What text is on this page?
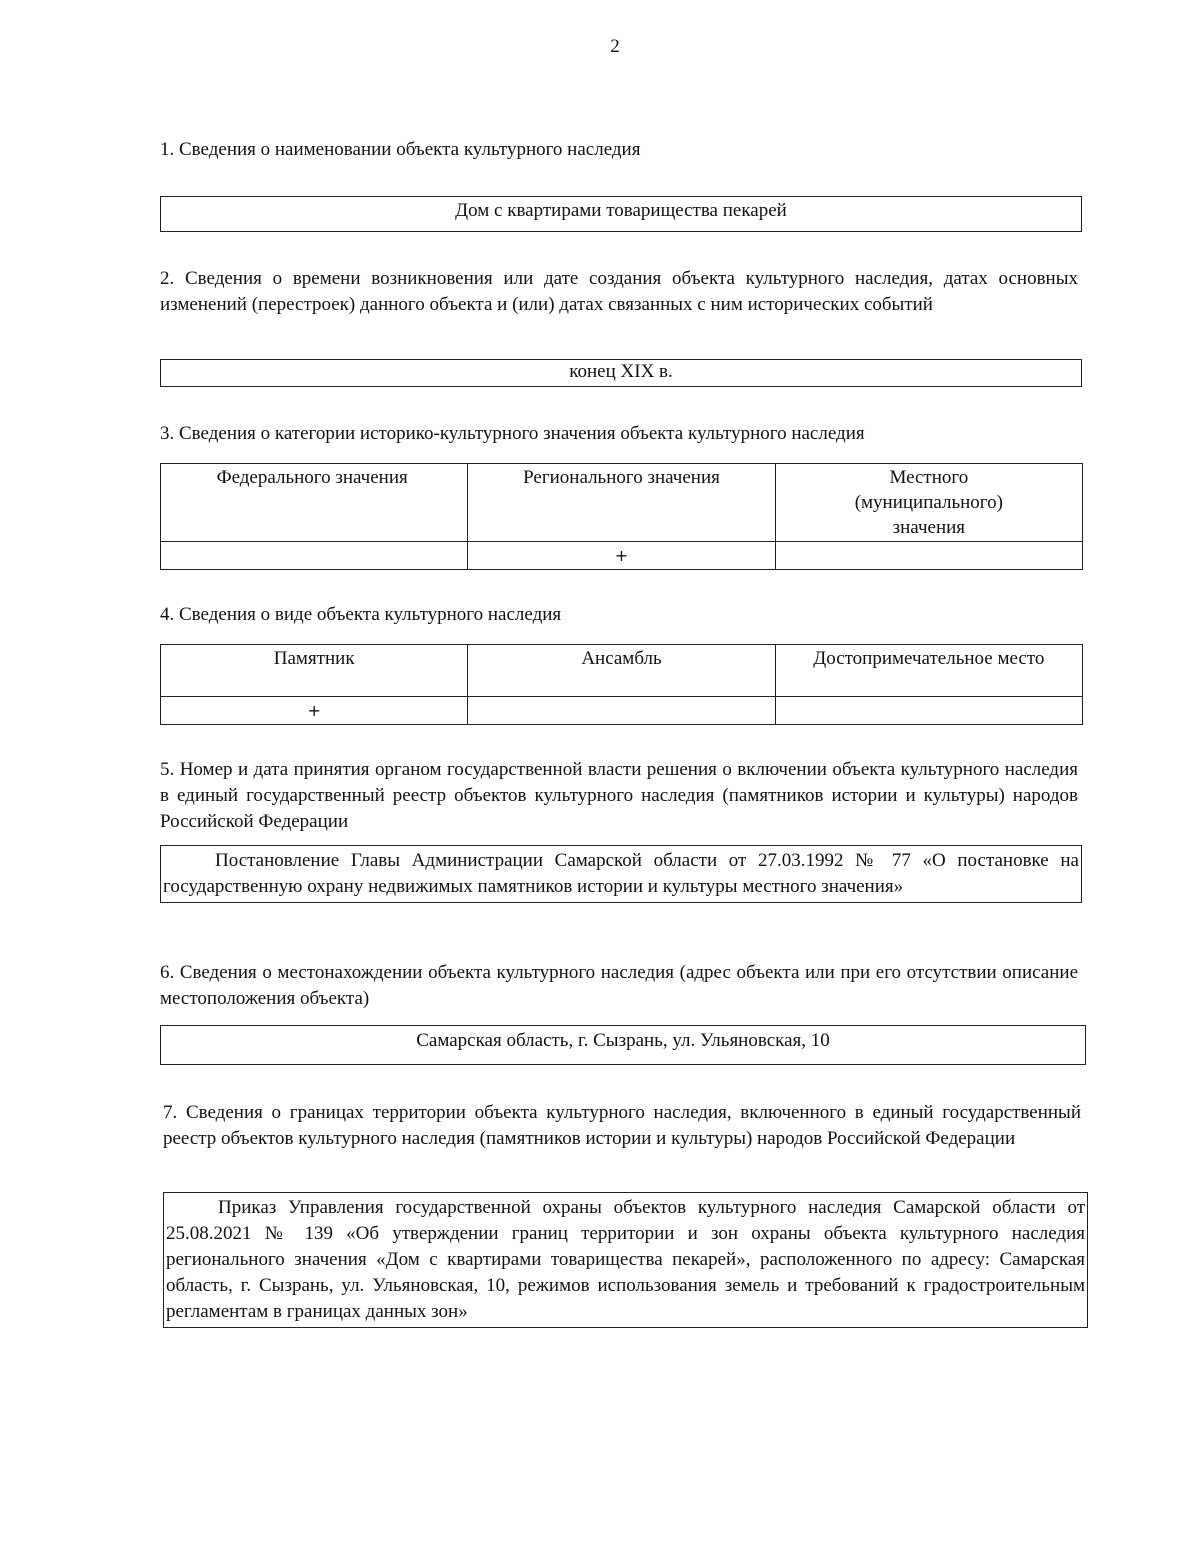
2

1. Сведения о наименовании объекта культурного наследия

Дом с квартирами товарищества пекарей

2. Сведения о времени возникновения или дате создания объекта культурного наследия, датах основных изменений (перестроек) данного объекта и (или) датах связанных с ним исторических событий

конец XIX в.

3. Сведения о категории историко-культурного значения объекта культурного наследия

Федерального значения	Регионального значения	Местного (муниципального) значения

	+	

4. Сведения о виде объекта культурного наследия

Памятник	Ансамбль	Достопримечательное место

+		

5. Номер и дата принятия органом государственной власти решения о включении объекта культурного наследия в единый государственный реестр объектов культурного наследия (памятников истории и культуры) народов Российской Федерации

Постановление Главы Администрации Самарской области от 27.03.1992 № 77 «О постановке на государственную охрану недвижимых памятников истории и культуры местного значения»

6. Сведения о местонахождении объекта культурного наследия (адрес объекта или при его отсутствии описание местоположения объекта)

Самарская область, г. Сызрань, ул. Ульяновская, 10

7. Сведения о границах территории объекта культурного наследия, включенного в единый государственный реестр объектов культурного наследия (памятников истории и культуры) народов Российской Федерации

Приказ Управления государственной охраны объектов культурного наследия Самарской области от 25.08.2021 № 139 «Об утверждении границ территории и зон охраны объекта культурного наследия регионального значения «Дом с квартирами товарищества пекарей», расположенного по адресу: Самарская область, г. Сызрань, ул. Ульяновская, 10, режимов использования земель и требований к градостроительным регламентам в границах данных зон»
